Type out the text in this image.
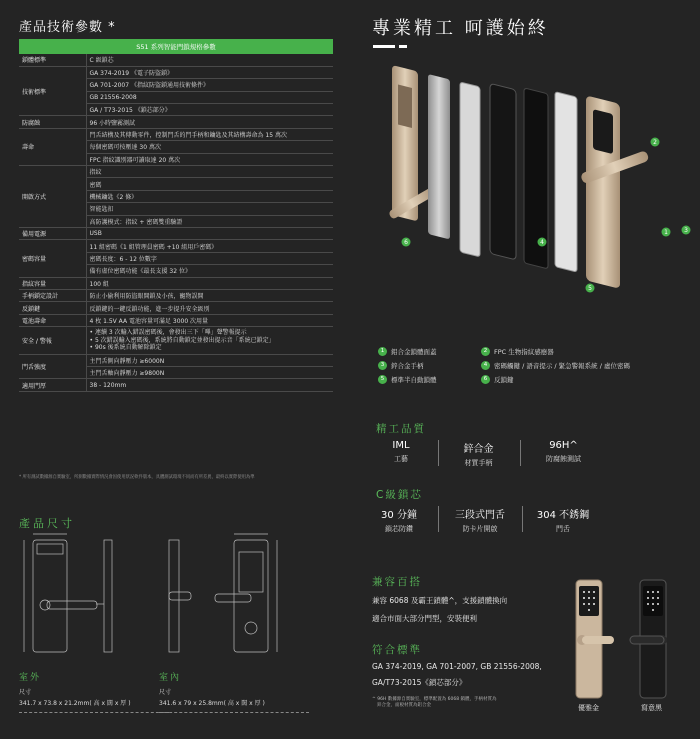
產品技術參數 *
S51 系列智能門鎖規格參數	
鎖體標準	C 級鎖芯
技術標準	GA 374-2019 《電子防盜鎖》
	GA 701-2007 《指紋防盜鎖通用技術條件》
	GB 21556-2008
	GA / T73-2015 《鎖芯部分》
防腐蝕	96 小時鹽霧測試
壽命	門舌結構及其傳動零件，控制門舌的門手柄和鑰匙及其結構壽命為 15 萬次
	每個密碼可按壓達 30 萬次
	FPC 指紋識別器可讀取達 20 萬次
開啟方式	指紋
	密碼
	機械鑰匙《2 條》
	智能匙扣
	高防護模式：指紋 + 密碼雙重驗證
備用電源	USB
密碼容量	11 組密碼《1 組管理員密碼 +10 組用戶密碼》
	密碼長度：6 - 12 位數字
	備有虛位密碼功能《最長支援 32 位》
指紋容量	100 組
手柄鎖定設計	防止小偷利用防盜眼開鎖及小孩，寵物誤開
反鎖鍵	反鎖鍵的一鍵反鎖功能，進一步提升安全級別
電池壽命	4 枚 1.5V AA 電池容量可滿足 3000 次用量
安全 / 警報	• 連續 3 次輸入錯誤密碼後，會發出三下「嗶」聲警報提示
• 5 次錯誤輸入密碼後，系統將自動鎖定並發出提示音「系統已鎖定」
• 90s 後系統自動解除鎖定

門舌強度	主門舌側向靜壓力 ≥6000N
	主門舌軸向靜壓力 ≥9800N
適用門厚	38 - 120mm
* 所有測試數據源自實驗室，所測數據實際情況會因使用狀況軟件版本，具體測試環境不同而有所差異，最終以實際使用為準
產品尺寸
室外
尺寸
341.7 x 73.8 x 21.2mm( 高 x 闊 x 厚 )
室內
尺寸
341.6 x 79 x 25.8mm( 高 x 闊 x 厚 )
專業精工 呵護始終
1
2
3
4
5
6
1	鋁合金鎖體面蓋	2	FPC 生物指紋感應器
3	鋅合金手柄	4	密碼觸鍵 / 語音提示 / 緊急警報系統 / 虛位密碼
5	標準半自動鎖體	6	反鎖鍵
精工品質
IML
工藝
鋅合金
材質手柄
96H^
防腐蝕測試
C級鎖芯
30 分鐘
鎖芯防鑽
三段式門舌
防卡片開啟
304 不銹鋼
門舌
兼容百搭
兼容 6068 及霸王鎖體^，支援鎖體換向
適合市面大部分門型，安裝便利
符合標準
GA 374-2019, GA 701-2007, GB 21556-2008,
GA/T73-2015《鎖芯部分》
^ 96H 數據源自實驗室，標準配置為 6068 鎖體，手柄材質為
鋅合金，面板材質為鋁合金	優雅金	寫意黑
